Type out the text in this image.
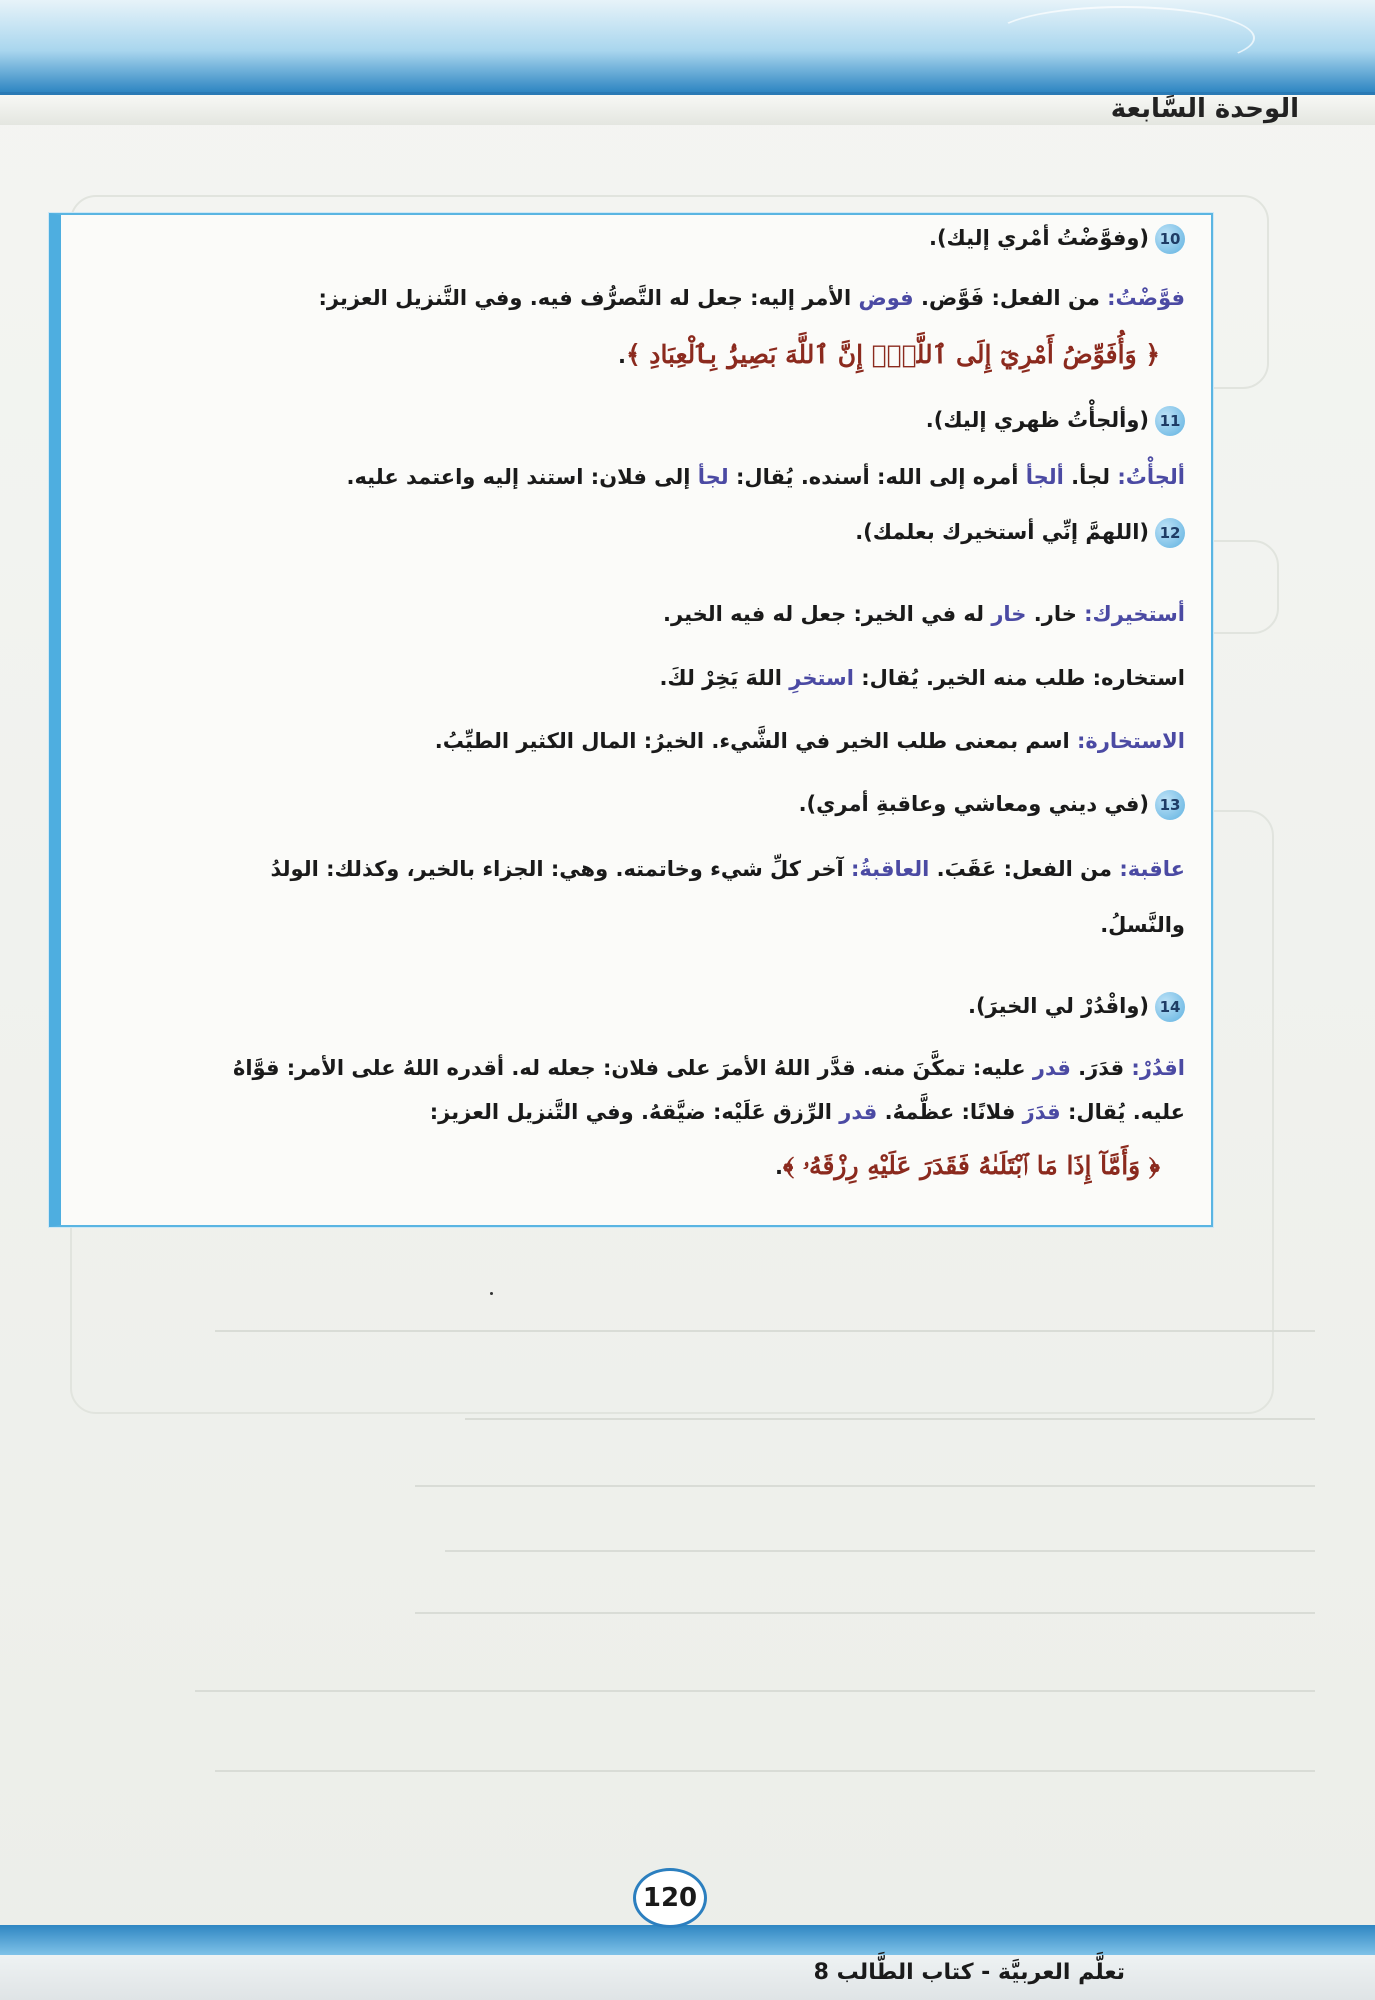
الوحدة السَّابعة
10(وفوَّضْتُ أمْري إليك).
فوَّضْتُ: من الفعل: فَوَّض. فوض الأمر إليه: جعل له التَّصرُّف فيه. وفي التَّنزيل العزيز:
﴿ وَأُفَوِّضُ أَمْرِيٓ إِلَى ٱللَّهِۚ إِنَّ ٱللَّهَ بَصِيرُۢ بِٱلْعِبَادِ ﴾.
11(وألجأْتُ ظهري إليك).
ألجأْتُ: لجأ. ألجأ أمره إلى الله: أسنده. يُقال: لجأ إلى فلان: استند إليه واعتمد عليه.
12(اللهمَّ إنِّي أستخيرك بعلمك).
أستخيرك: خار. خار له في الخير: جعل له فيه الخير.
استخاره: طلب منه الخير. يُقال: استخرِ اللهَ يَخِرْ لكَ.
الاستخارة: اسم بمعنى طلب الخير في الشَّيء. الخيرُ: المال الكثير الطيِّبُ.
13(في ديني ومعاشي وعاقبةِ أمري).
عاقبة: من الفعل: عَقَبَ. العاقبةُ: آخر كلِّ شيء وخاتمته. وهي: الجزاء بالخير، وكذلك: الولدُ
والنَّسلُ.
14(واقْدُرْ لي الخيرَ).
اقدُرْ: قدَرَ. قدر عليه: تمكَّنَ منه. قدَّر اللهُ الأمرَ على فلان: جعله له. أقدره اللهُ على الأمر: قوَّاهُ
عليه. يُقال: قدَرَ فلانًا: عظَّمهُ. قدر الرِّزق عَلَيْه: ضيَّقهُ. وفي التَّنزيل العزيز:
﴿ وَأَمَّآ إِذَا مَا ٱبْتَلَىٰهُ فَقَدَرَ عَلَيْهِ رِزْقَهُۥ ﴾.
120
تعلَّم العربيَّة - كتاب الطَّالب 8
